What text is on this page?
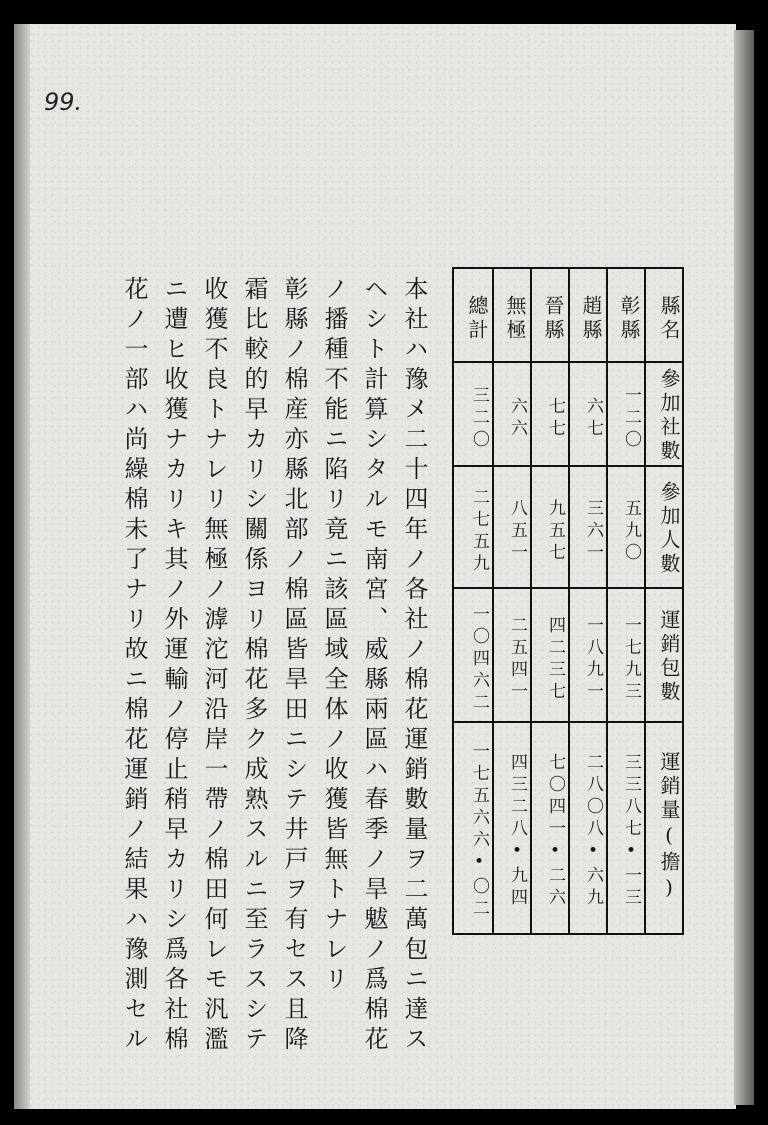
99.
縣名
參加社數
參加人數
運銷包數
運銷量(擔)
彰縣
一二〇
五九〇
一七九三
三三八七•一三
趙縣
六七
三六一
一八九一
二八〇八•六九
晉縣
七七
九五七
四二三七
七〇四一•二六
無極
六六
八五一
二五四一
四三二八•九四
總計
三二〇
二七五九
一〇四六二
一七五六六•〇二
本社ハ豫メ二十四年ノ各社ノ棉花運銷數量ヲ二萬包ニ達ス
ヘシト計算シタルモ南宮、威縣兩區ハ春季ノ旱魃ノ爲棉花
ノ播種不能ニ陷リ竟ニ該區域全体ノ收獲皆無トナレリ
彰縣ノ棉産亦縣北部ノ棉區皆旱田ニシテ井戸ヲ有セス且降
霜比較的早カリシ關係ヨリ棉花多ク成熟スルニ至ラスシテ
收獲不良トナレリ無極ノ滹沱河沿岸一帶ノ棉田何レモ汎濫
ニ遭ヒ收獲ナカリキ其ノ外運輸ノ停止稍早カリシ爲各社棉
花ノ一部ハ尚繰棉未了ナリ故ニ棉花運銷ノ結果ハ豫測セル
